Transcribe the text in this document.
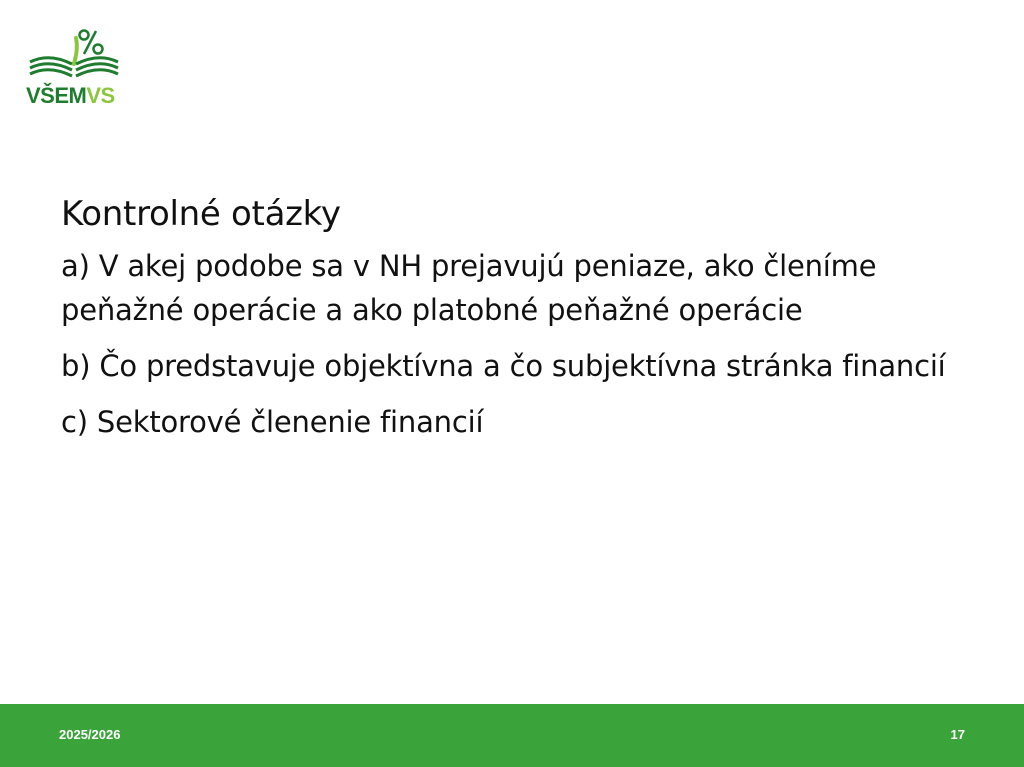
VŠEMVS
Kontrolné otázky
a) V akej podobe sa v NH prejavujú peniaze, ako členíme peňažné operácie a ako platobné peňažné operácie
b) Čo predstavuje objektívna a čo subjektívna stránka financií
c) Sektorové členenie financií
2025/2026	17
